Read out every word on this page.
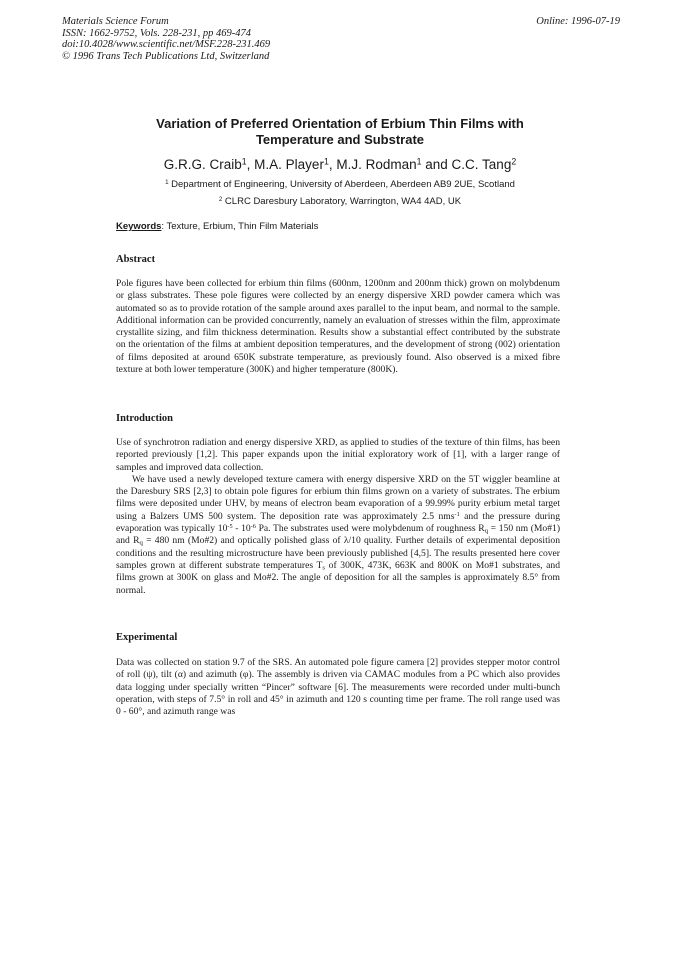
Materials Science Forum
ISSN: 1662-9752, Vols. 228-231, pp 469-474
doi:10.4028/www.scientific.net/MSF.228-231.469
© 1996 Trans Tech Publications Ltd, Switzerland
Online: 1996-07-19
Variation of Preferred Orientation of Erbium Thin Films with
Temperature and Substrate
G.R.G. Craib$^1$, M.A. Player$^1$, M.J. Rodman$^1$ and C.C. Tang$^2$
$^1$ Department of Engineering, University of Aberdeen, Aberdeen AB9 2UE, Scotland
$^2$ CLRC Daresbury Laboratory, Warrington, WA4 4AD, UK
Keywords: Texture, Erbium, Thin Film Materials
Abstract

Pole figures have been collected for erbium thin films (600nm, 1200nm and 200nm thick) grown on molybdenum or glass substrates. These pole figures were collected by an energy dispersive XRD powder camera which was automated so as to provide rotation of the sample around axes parallel to the input beam, and normal to the sample. Additional information can be provided concurrently, namely an evaluation of stresses within the film, approximate crystallite sizing, and film thickness determination. Results show a substantial effect contributed by the substrate on the orientation of the films at ambient deposition temperatures, and the development of strong (002) orientation of films deposited at around 650K substrate temperature, as previously found. Also observed is a mixed fibre texture at both lower temperature (300K) and higher temperature (800K).

Introduction

Use of synchrotron radiation and energy dispersive XRD, as applied to studies of the texture of thin films, has been reported previously [1,2]. This paper expands upon the initial exploratory work of [1], with a larger range of samples and improved data collection.

We have used a newly developed texture camera with energy dispersive XRD on the 5T wiggler beamline at the Daresbury SRS [2,3] to obtain pole figures for erbium thin films grown on a variety of substrates. The erbium films were deposited under UHV, by means of electron beam evaporation of a 99.99% purity erbium metal target using a Balzers UMS 500 system. The deposition rate was approximately 2.5 nms$^{-1}$ and the pressure during evaporation was typically $10^{-5} - 10^{-6}$ Pa. The substrates used were molybdenum of roughness $R_q = 150$ nm (Mo#1) and $R_q = 480$ nm (Mo#2) and optically polished glass of λ/10 quality. Further details of experimental deposition conditions and the resulting microstructure have been previously published [4,5]. The results presented here cover samples grown at different substrate temperatures $T_s$ of 300K, 473K, 663K and 800K on Mo#1 substrates, and films grown at 300K on glass and Mo#2. The angle of deposition for all the samples is approximately 8.5° from normal.

Experimental

Data was collected on station 9.7 of the SRS. An automated pole figure camera [2] provides stepper motor control of roll (ψ), tilt (α) and azimuth (φ). The assembly is driven via CAMAC modules from a PC which also provides data logging under specially written “Pincer” software [6]. The measurements were recorded under multi-bunch operation, with steps of 7.5° in roll and 45° in azimuth and 120 s counting time per frame. The roll range used was 0 - 60°, and azimuth range was
